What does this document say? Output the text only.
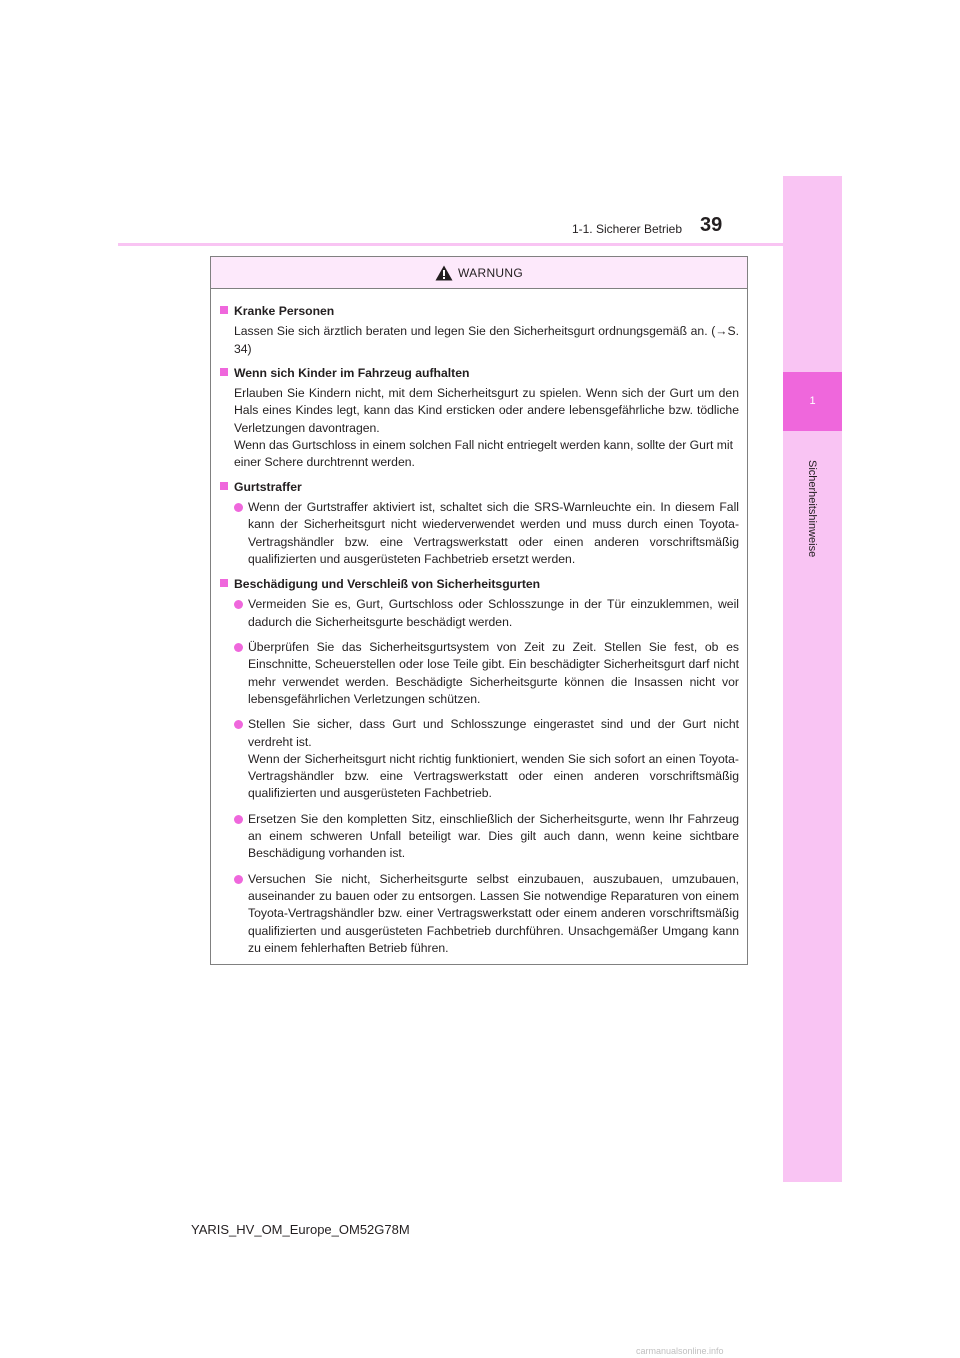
1
Sicherheitshinweise
1-1. Sicherer Betrieb 39
WARNUNG
Kranke Personen
Lassen Sie sich ärztlich beraten und legen Sie den Sicherheitsgurt ordnungsgemäß an. (→S. 34)
Wenn sich Kinder im Fahrzeug aufhalten
Erlauben Sie Kindern nicht, mit dem Sicherheitsgurt zu spielen. Wenn sich der Gurt um den Hals eines Kindes legt, kann das Kind ersticken oder andere lebensgefährliche bzw. tödliche Verletzungen davontragen.
Wenn das Gurtschloss in einem solchen Fall nicht entriegelt werden kann, sollte der Gurt mit einer Schere durchtrennt werden.
Gurtstraffer
Wenn der Gurtstraffer aktiviert ist, schaltet sich die SRS-Warnleuchte ein. In diesem Fall kann der Sicherheitsgurt nicht wiederverwendet werden und muss durch einen Toyota-Vertragshändler bzw. eine Vertragswerkstatt oder einen anderen vorschriftsmäßig qualifizierten und ausgerüsteten Fachbetrieb ersetzt werden.
Beschädigung und Verschleiß von Sicherheitsgurten
Vermeiden Sie es, Gurt, Gurtschloss oder Schlosszunge in der Tür einzuklemmen, weil dadurch die Sicherheitsgurte beschädigt werden.
Überprüfen Sie das Sicherheitsgurtsystem von Zeit zu Zeit. Stellen Sie fest, ob es Einschnitte, Scheuerstellen oder lose Teile gibt. Ein beschädigter Sicherheitsgurt darf nicht mehr verwendet werden. Beschädigte Sicherheitsgurte können die Insassen nicht vor lebensgefährlichen Verletzungen schützen.
Stellen Sie sicher, dass Gurt und Schlosszunge eingerastet sind und der Gurt nicht verdreht ist.
Wenn der Sicherheitsgurt nicht richtig funktioniert, wenden Sie sich sofort an einen Toyota-Vertragshändler bzw. eine Vertragswerkstatt oder einen anderen vorschriftsmäßig qualifizierten und ausgerüsteten Fachbetrieb.
Ersetzen Sie den kompletten Sitz, einschließlich der Sicherheitsgurte, wenn Ihr Fahrzeug an einem schweren Unfall beteiligt war. Dies gilt auch dann, wenn keine sichtbare Beschädigung vorhanden ist.
Versuchen Sie nicht, Sicherheitsgurte selbst einzubauen, auszubauen, umzubauen, auseinander zu bauen oder zu entsorgen. Lassen Sie notwendige Reparaturen von einem Toyota-Vertragshändler bzw. einer Vertragswerkstatt oder einem anderen vorschriftsmäßig qualifizierten und ausgerüsteten Fachbetrieb durchführen. Unsachgemäßer Umgang kann zu einem fehlerhaften Betrieb führen.
YARIS_HV_OM_Europe_OM52G78M
carmanualsonline.info
